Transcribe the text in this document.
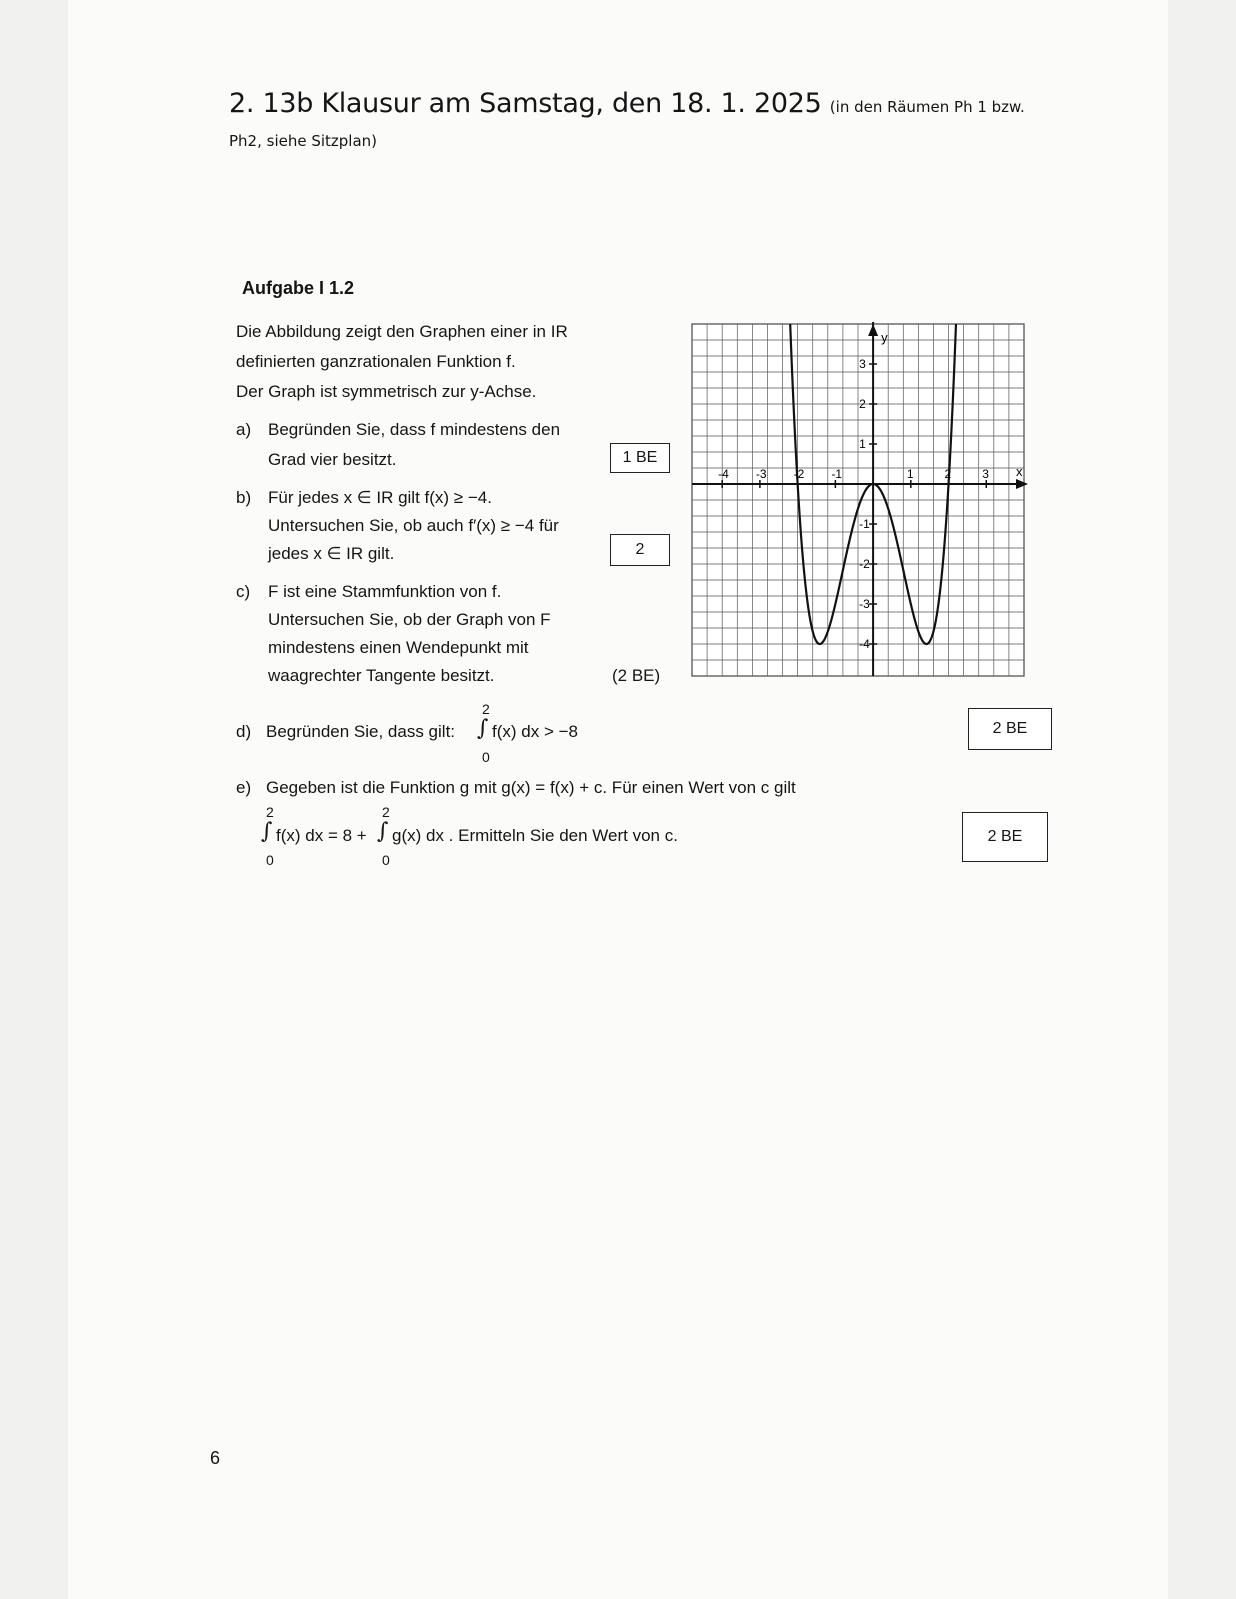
2. 13b Klausur am Samstag, den 18. 1. 2025 (in den Räumen Ph 1 bzw.
Ph2, siehe Sitzplan)
Aufgabe I 1.2
Die Abbildung zeigt den Graphen einer in IR
definierten ganzrationalen Funktion f.
Der Graph ist symmetrisch zur y-Achse.
a) Begründen Sie, dass f mindestens den
Grad vier besitzt.	1 BE
b) Für jedes x ∈ IR gilt f(x) ≥ −4.
Untersuchen Sie, ob auch f′(x) ≥ −4 für
jedes x ∈ IR gilt.	2
c) F ist eine Stammfunktion von f.
Untersuchen Sie, ob der Graph von F
mindestens einen Wendepunkt mit
waagrechter Tangente besitzt.	(2 BE)
d) Begründen Sie, dass gilt:
2
∫
0
f(x) dx > −8	2 BE
e) Gegeben ist die Funktion g mit g(x) = f(x) + c. Für einen Wert von c gilt
2
∫
0
f(x) dx = 8 +
2
∫
0
g(x) dx . Ermitteln Sie den Wert von c.	2 BE
x
y
-4 -3 -2 -1	1	2	3
3
2
1
-1
-2
-3
-4
6
